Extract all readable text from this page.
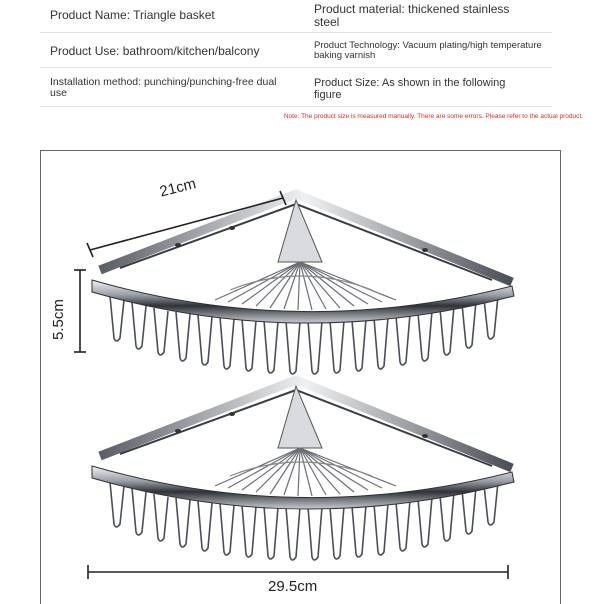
Product Name: Triangle basket	Product material: thickened stainless steel
Product Use: bathroom/kitchen/balcony	Product Technology: Vacuum plating/high temperature baking varnish
Installation method: punching/punching-free dual use
Product Size: As shown in the following figure
Note: The product size is measured manually. There are some errors. Please refer to the actual product.
21cm
5.5cm
29.5cm
